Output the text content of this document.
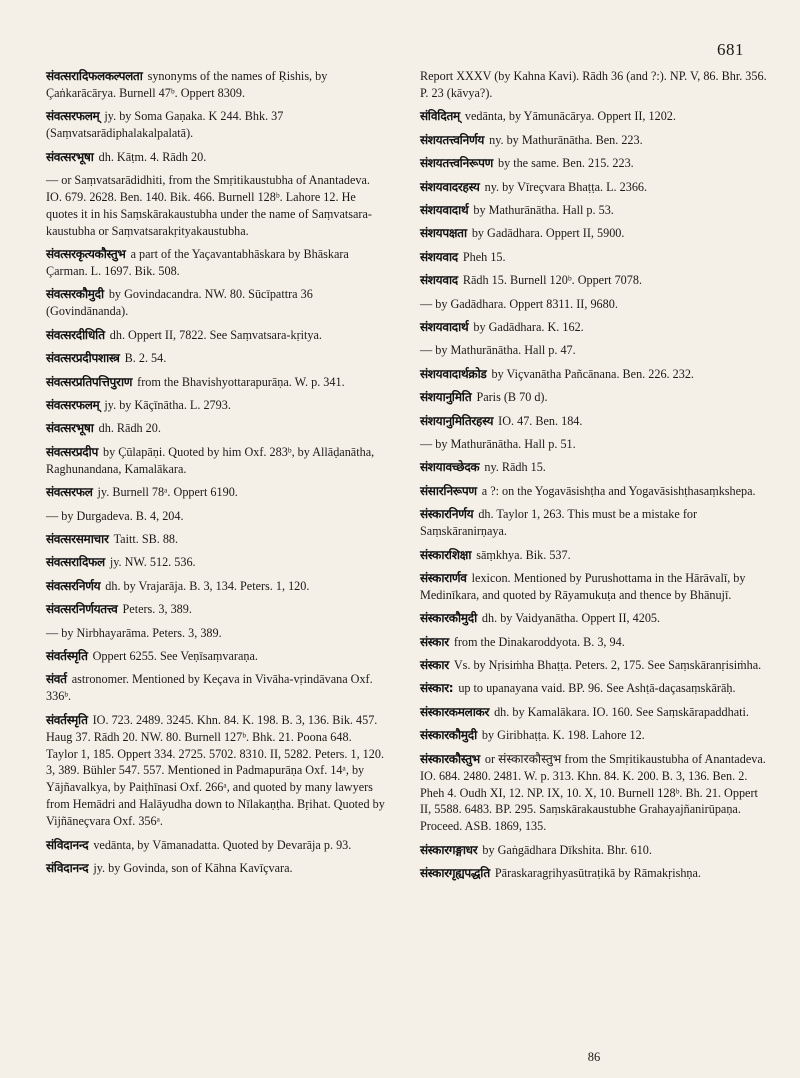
681
संवत्सरादिफलकल्पलता synonyms of the names of Ṛishis, by Çaṅkarācārya. Burnell 47ᵇ. Oppert 8309.
संवत्सरफलम् jy. by Soma Gaṇaka. K 244. Bhk. 37 (Saṃvatsarādiphalakalpalatā).
संवत्सरभूषा dh. Kāṭm. 4. Rādh 20.
— or Saṃvatsarādidhiti, from the Smṛitikaustubha of Anantadeva. IO. 679. 2628. Ben. 140. Bik. 466. Burnell 128ᵇ. Lahore 12. He quotes it in his Saṃskārakaustubha under the name of Saṃvatsara-kaustubha or Saṃvatsarakṛityakaustubha.
संवत्सरकृत्यकौस्तुभ a part of the Yaçavantabhāskara by Bhāskara Çarman. L. 1697. Bik. 508.
संवत्सरकौमुदी by Govindacandra. NW. 80. Sūcīpattra 36 (Govindānanda).
संवत्सरदीधिति dh. Oppert II, 7822. See Saṃvatsara-kṛitya.
संवत्सरप्रदीपशास्त्र B. 2. 54.
संवत्सरप्रतिपत्तिपुराण from the Bhavishyottarapurāṇa. W. p. 341.
संवत्सरफलम् jy. by Kāçīnātha. L. 2793.
संवत्सरभूषा dh. Rādh 20.
संवत्सरप्रदीप by Çūlapāṇi. Quoted by him Oxf. 283ᵇ, by Allāḍanātha, Raghunandana, Kamalākara.
संवत्सरफल jy. Burnell 78ᵃ. Oppert 6190.
— by Durgadeva. B. 4, 204.
संवत्सरसमाचार Taitt. SB. 88.
संवत्सरादिफल jy. NW. 512. 536.
संवत्सरनिर्णय dh. by Vrajarāja. B. 3, 134. Peters. 1, 120.
संवत्सरनिर्णयतत्त्व Peters. 3, 389.
— by Nirbhayarāma. Peters. 3, 389.
संवर्तस्मृति Oppert 6255. See Veṇīsaṃvaraṇa.
संवर्त astronomer. Mentioned by Keçava in Vivāha-vṛindāvana Oxf. 336ᵇ.
संवर्तस्मृति IO. 723. 2489. 3245. Khn. 84. K. 198. B. 3, 136. Bik. 457. Haug 37. Rādh 20. NW. 80. Burnell 127ᵇ. Bhk. 21. Poona 648. Taylor 1, 185. Oppert 334. 2725. 5702. 8310. II, 5282. Peters. 1, 120. 3, 389. Bühler 547. 557. Mentioned in Padmapurāṇa Oxf. 14ᵃ, by Yājñavalkya, by Paiṭhīnasi Oxf. 266ᵃ, and quoted by many lawyers from Hemādri and Halāyudha down to Nīlakaṇṭha. Bṛihat. Quoted by Vijñāneçvara Oxf. 356ᵃ.
संविदानन्द vedānta, by Vāmanadatta. Quoted by Devarāja p. 93.
संविदानन्द jy. by Govinda, son of Kāhna Kavīçvara.
Report XXXV (by Kahna Kavi). Rādh 36 (and ?:). NP. V, 86. Bhr. 356. P. 23 (kāvya?).
संविदितम् vedānta, by Yāmunācārya. Oppert II, 1202.
संशयतत्त्वनिर्णय ny. by Mathurānātha. Ben. 223.
संशयतत्त्वनिरूपण by the same. Ben. 215. 223.
संशयवादरहस्य ny. by Vīreçvara Bhaṭṭa. L. 2366.
संशयवादार्थ by Mathurānātha. Hall p. 53.
संशयपक्षता by Gadādhara. Oppert II, 5900.
संशयवाद Pheh 15.
संशयवाद Rādh 15. Burnell 120ᵇ. Oppert 7078.
— by Gadādhara. Oppert 8311. II, 9680.
संशयवादार्थ by Gadādhara. K. 162.
— by Mathurānātha. Hall p. 47.
संशयवादार्थक्रोड by Viçvanātha Pañcānana. Ben. 226. 232.
संशयानुमिति Paris (B 70 d).
संशयानुमितिरहस्य IO. 47. Ben. 184.
— by Mathurānātha. Hall p. 51.
संशयावच्छेदक ny. Rādh 15.
संसारनिरूपण a ?: on the Yogavāsishṭha and Yogavāsishṭhasaṃkshepa.
संस्कारनिर्णय dh. Taylor 1, 263. This must be a mistake for Saṃskāranirṇaya.
संस्कारशिक्षा sāṃkhya. Bik. 537.
संस्कारार्णव lexicon. Mentioned by Purushottama in the Hārāvalī, by Medinīkara, and quoted by Rāyamukuṭa and thence by Bhānujī.
संस्कारकौमुदी dh. by Vaidyanātha. Oppert II, 4205.
संस्कार from the Dinakaroddyota. B. 3, 94.
संस्कार Vs. by Nṛisiṁha Bhaṭṭa. Peters. 2, 175. See Saṃskāranṛisiṁha.
संस्कार: up to upanayana vaid. BP. 96. See Ashṭā-daçasaṃskārāḥ.
संस्कारकमलाकर dh. by Kamalākara. IO. 160. See Saṃskārapaddhati.
संस्कारकौमुदी by Giribhaṭṭa. K. 198. Lahore 12.
संस्कारकौस्तुभ or संस्कारकौस्तुभ from the Smṛitikaustubha of Anantadeva. IO. 684. 2480. 2481. W. p. 313. Khn. 84. K. 200. B. 3, 136. Ben. 2. Pheh 4. Oudh XI, 12. NP. IX, 10. X, 10. Burnell 128ᵇ. Bh. 21. Oppert II, 5588. 6483. BP. 295. Saṃskārakaustubhe Grahayajñanirūpaṇa. Proceed. ASB. 1869, 135.
संस्कारगङ्गाधर by Gaṅgādhara Dīkshita. Bhr. 610.
संस्कारगृह्यपद्धति Pāraskaragṛihyasūtraṭikā by Rāmakṛishṇa.
86
